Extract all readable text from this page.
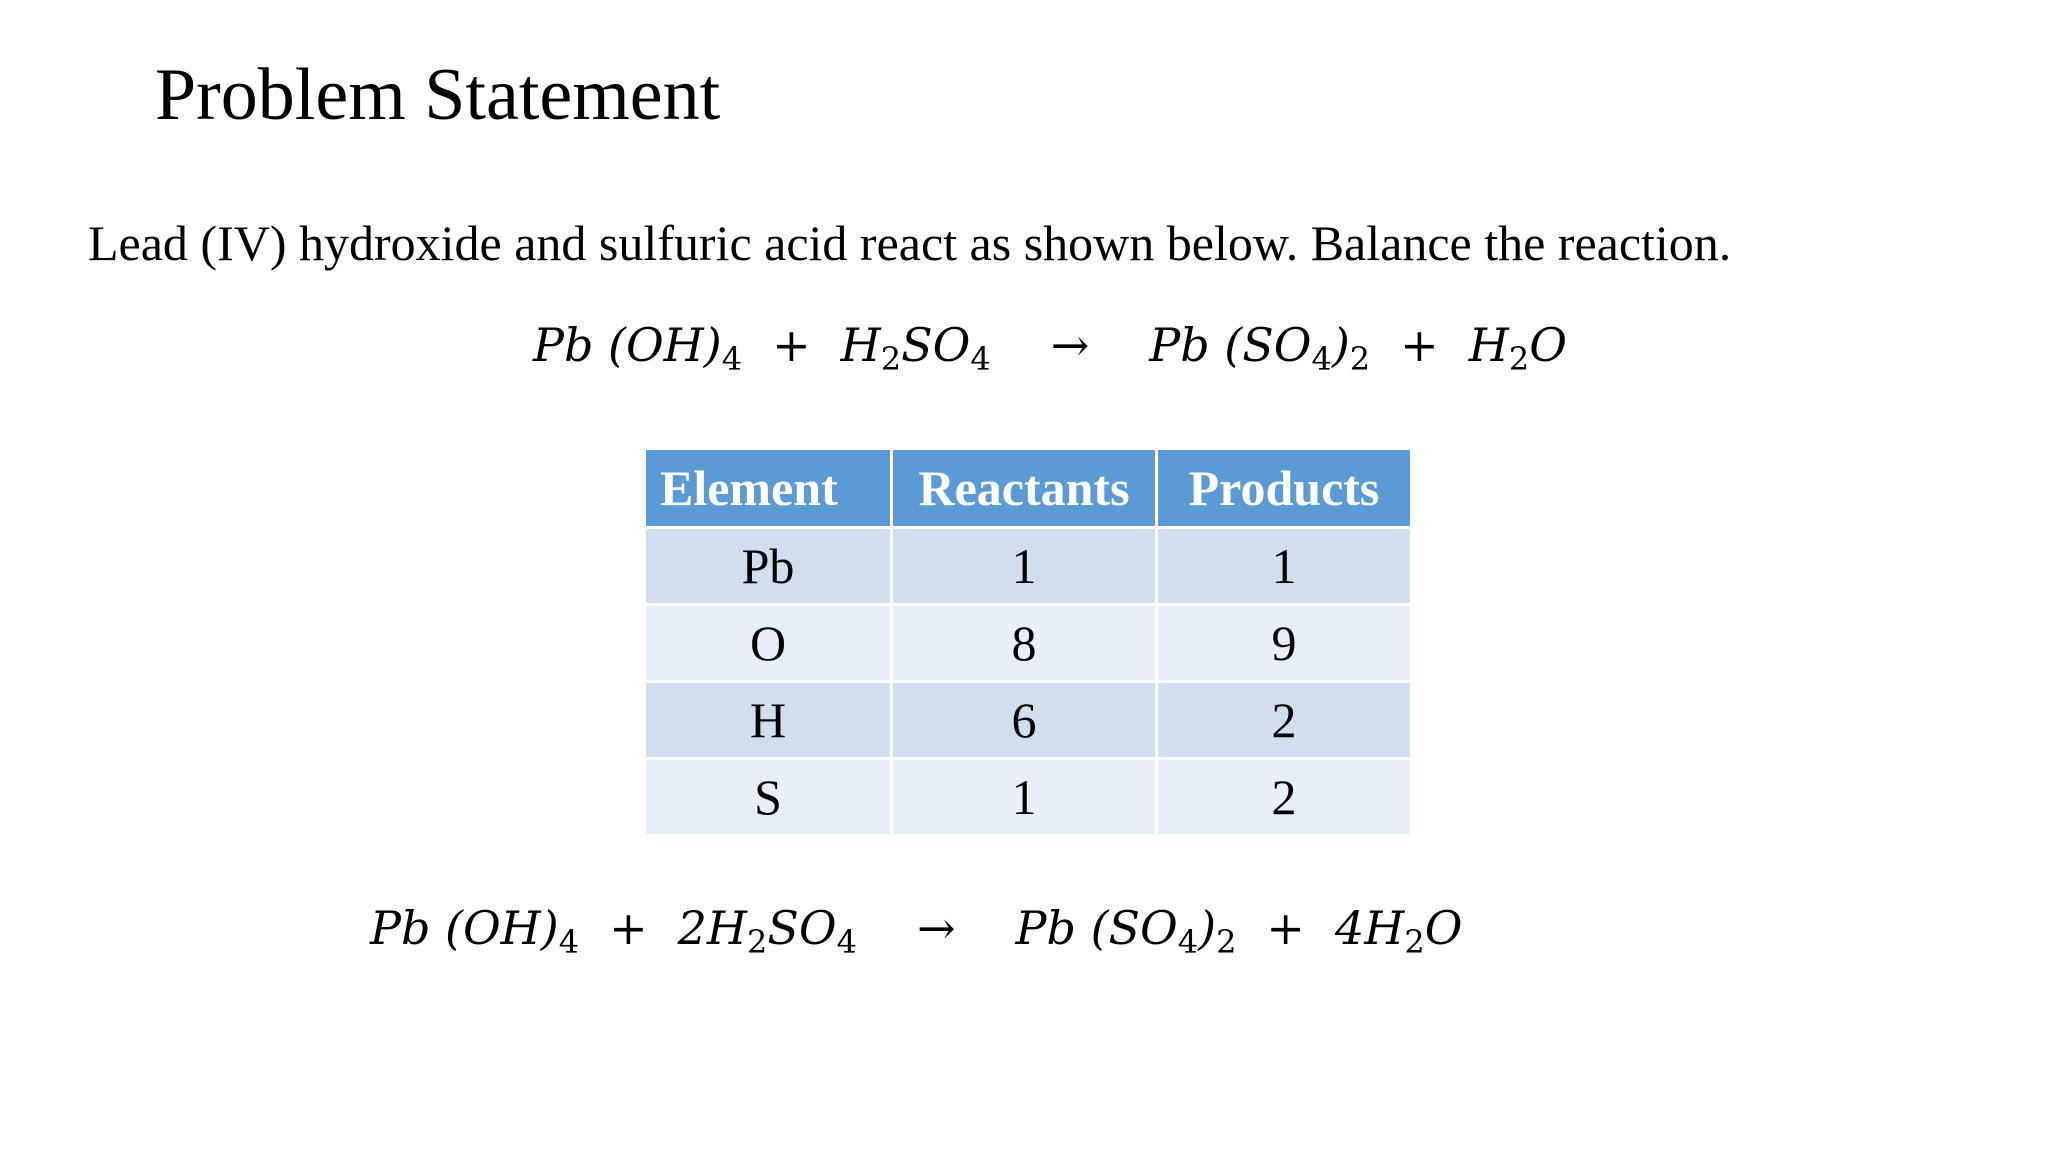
Problem Statement
Lead (IV) hydroxide and sulfuric acid react as shown below. Balance the reaction.
Pb $(OH)_4 + H_2SO_4 \to Pb$ $(SO_4)_2 + H_2O$
Element	Reactants	Products
Pb	1	1
O	8	9
H	6	2
S	1	2
Pb $(OH)_4 + 2H_2SO_4 \to Pb$ $(SO_4)_2 + 4H_2O$
